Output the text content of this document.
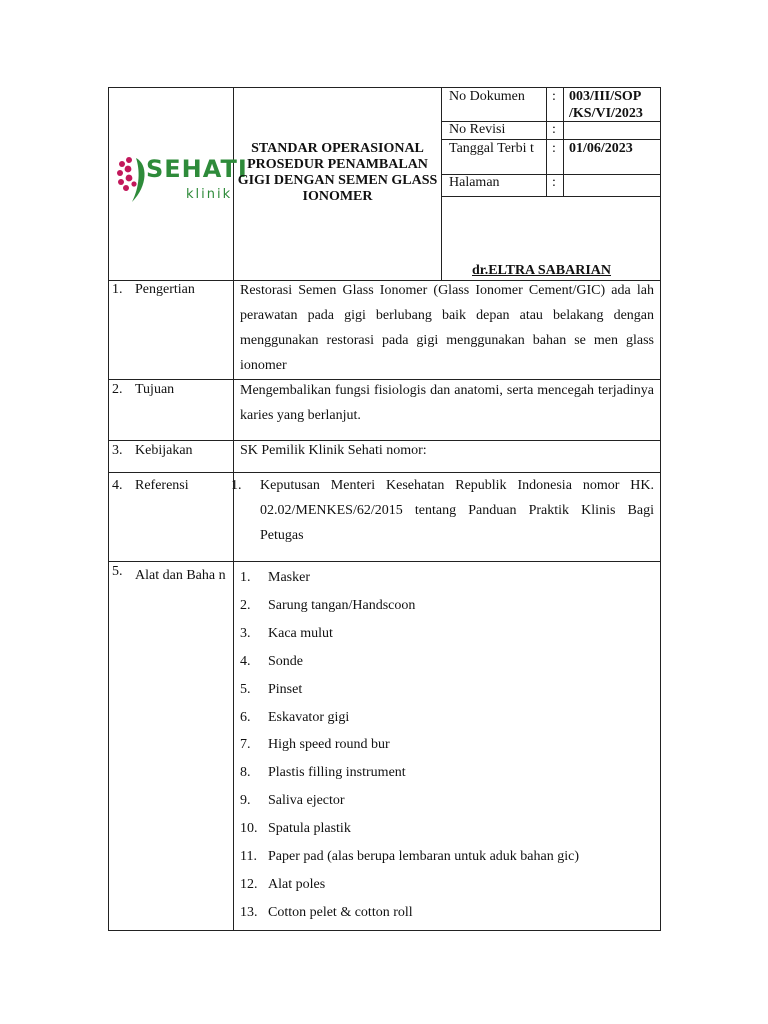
SEHATI
klinik
STANDAR OPERASIONAL PROSEDUR PENAMBALAN GIGI DENGAN SEMEN GLASS IONOMER
No Dokumen : 003/III/SOP /KS/VI/2023
No Revisi	:
Tanggal Terbi t	: 01/06/2023
Halaman	:
dr.ELTRA SABARIAN
1. Pengertian	Restorasi Semen Glass Ionomer (Glass Ionomer Cement/GIC) ada lah perawatan pada gigi berlubang baik depan atau belakang dengan menggunakan restorasi pada gigi menggunakan bahan se men glass ionomer
2. Tujuan	Mengembalikan fungsi fisiologis dan anatomi, serta mencegah terjadinya karies yang berlanjut.
3. Kebijakan	SK Pemilik Klinik Sehati nomor:
4. Referensi	1. Keputusan Menteri Kesehatan Republik Indonesia nomor HK. 02.02/MENKES/62/2015 tentang Panduan Praktik Klinis Bagi Petugas
5. Alat dan Baha n 1. Masker
2. Sarung tangan/Handscoon
3. Kaca mulut
4. Sonde
5. Pinset
6. Eskavator gigi
7. High speed round bur
8. Plastis filling instrument
9. Saliva ejector
10. Spatula plastik
11. Paper pad (alas berupa lembaran untuk aduk bahan gic)
12. Alat poles
13. Cotton pelet & cotton roll
